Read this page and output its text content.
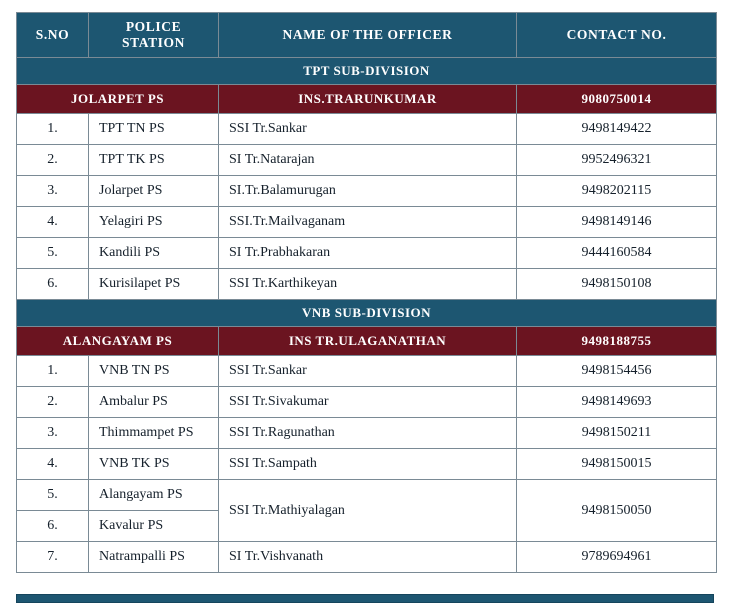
S.NO	POLICE STATION	NAME OF THE OFFICER	CONTACT NO.
TPT SUB-DIVISION			
JOLARPET PS		INS.TRARUNKUMAR	9080750014
1.	TPT TN PS	SSI Tr.Sankar	9498149422
2.	TPT TK PS	SI Tr.Natarajan	9952496321
3.	Jolarpet PS	SI.Tr.Balamurugan	9498202115
4.	Yelagiri PS	SSI.Tr.Mailvaganam	9498149146
5.	Kandili PS	SI Tr.Prabhakaran	9444160584
6.	Kurisilapet PS	SSI Tr.Karthikeyan	9498150108
VNB SUB-DIVISION			
ALANGAYAM PS		INS TR.ULAGANATHAN	9498188755
1.	VNB TN PS	SSI Tr.Sankar	9498154456
2.	Ambalur PS	SSI Tr.Sivakumar	9498149693
3.	Thimmampet PS	SSI Tr.Ragunathan	9498150211
4.	VNB TK PS	SSI Tr.Sampath	9498150015
5.	Alangayam PS	SSI Tr.Mathiyalagan	9498150050
6.	Kavalur PS		
7.	Natrampalli PS	SI Tr.Vishvanath	9789694961
